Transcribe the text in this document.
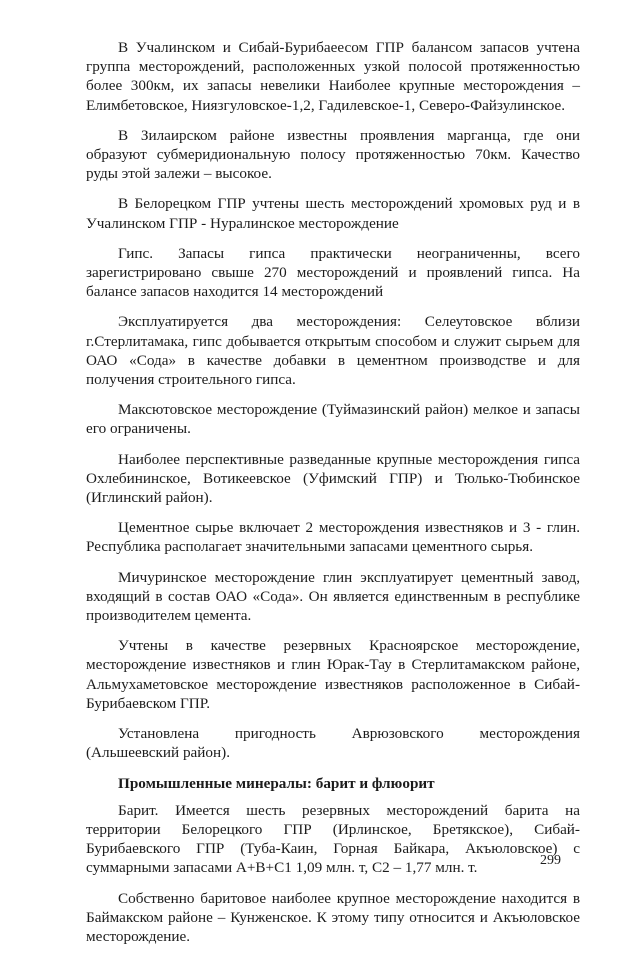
В Учалинском и Сибай-Бурибаеесом ГПР балансом запасов учтена группа месторождений, расположенных узкой полосой протяженностью более 300км, их запасы невелики Наиболее крупные месторождения – Елимбетовское, Ниязгуловское-1,2, Гадилевское-1, Северо-Файзулинское.

В Зилаирском районе известны проявления марганца, где они образуют субмеридиональную полосу протяженностью 70км. Качество руды этой залежи – высокое.

В Белорецком ГПР учтены шесть месторождений хромовых руд и в Учалинском ГПР - Нуралинское месторождение

Гипс. Запасы гипса практически неограниченны, всего зарегистрировано свыше 270 месторождений и проявлений гипса. На балансе запасов находится 14 месторождений

Эксплуатируется два месторождения: Селеутовское вблизи г.Стерлитамака, гипс добывается открытым способом и служит сырьем для ОАО «Сода» в качестве добавки в цементном производстве и для получения строительного гипса.

Максютовское месторождение (Туймазинский район) мелкое и запасы его ограничены.

Наиболее перспективные разведанные крупные месторождения гипса Охлебининское, Вотикеевское (Уфимский ГПР) и Тюлько-Тюбинское (Иглинский район).

Цементное сырье включает 2 месторождения известняков и 3 - глин. Республика располагает значительными запасами цементного сырья.

Мичуринское месторождение глин эксплуатирует цементный завод, входящий в состав ОАО «Сода». Он является единственным в республике производителем цемента.

Учтены в качестве резервных Красноярское месторождение, месторождение известняков и глин Юрак-Тау в Стерлитамакском районе, Альмухаметовское месторождение известняков расположенное в Сибай-Бурибаевском ГПР.

Установлена пригодность Аврюзовского месторождения (Альшеевский район).

Промышленные минералы: барит и флюорит

Барит. Имеется шесть резервных месторождений барита на территории Белорецкого ГПР (Ирлинское, Бретякское), Сибай-Бурибаевского ГПР (Туба-Каин, Горная Байкара, Акъюловское) с суммарными запасами А+В+С1 1,09 млн. т, С2 – 1,77 млн. т.

Собственно баритовое наиболее крупное месторождение находится в Баймакском районе – Кунженское. К этому типу относится и Акъюловское месторождение.

299
